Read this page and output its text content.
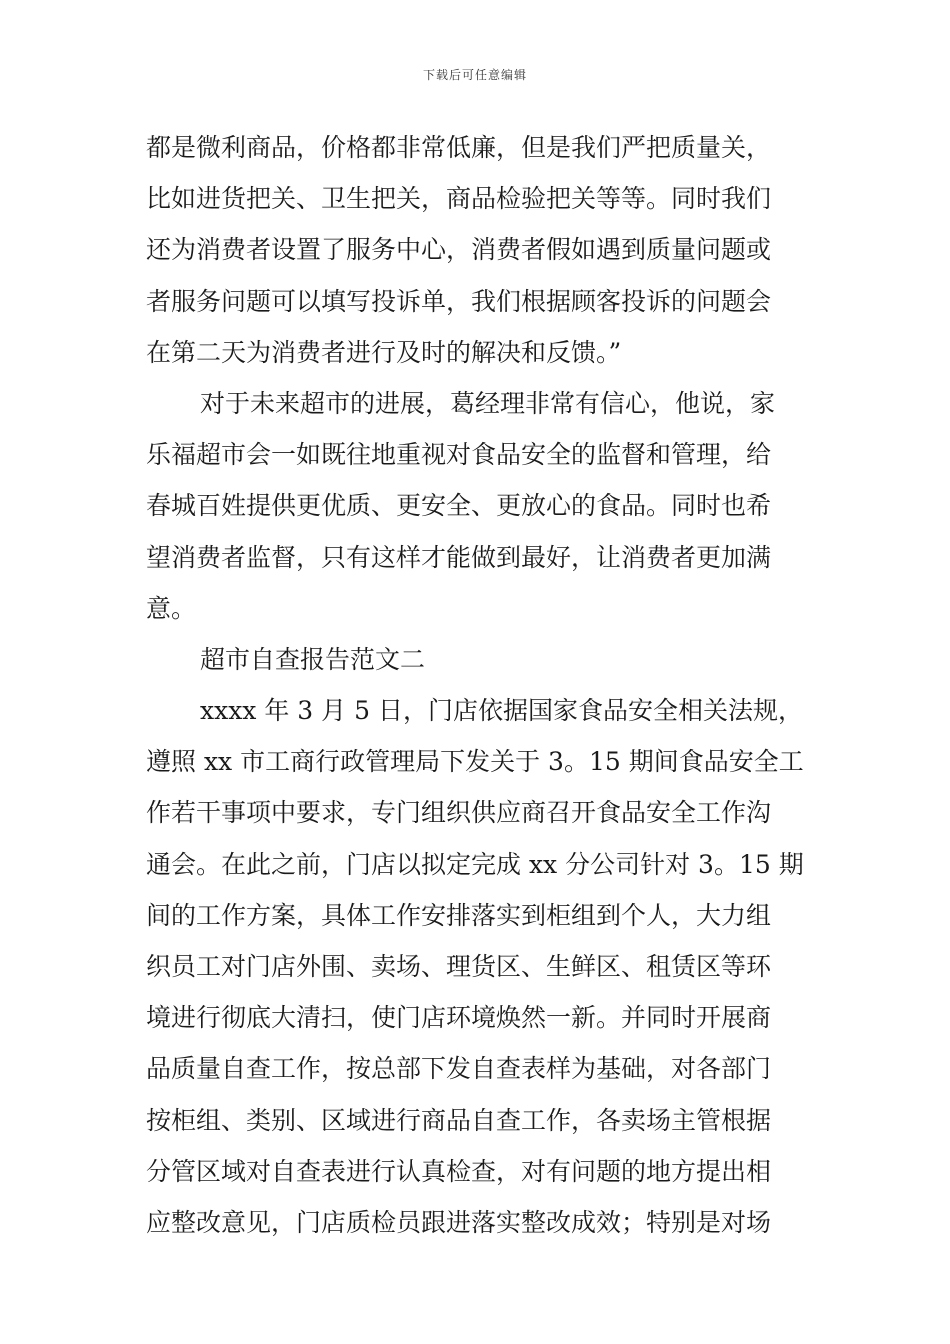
下载后可任意编辑
都是微利商品，价格都非常低廉，但是我们严把质量关，
比如进货把关、卫生把关，商品检验把关等等。同时我们
还为消费者设置了服务中心，消费者假如遇到质量问题或
者服务问题可以填写投诉单，我们根据顾客投诉的问题会
在第二天为消费者进行及时的解决和反馈。”
对于未来超市的进展，葛经理非常有信心，他说，家
乐福超市会一如既往地重视对食品安全的监督和管理，给
春城百姓提供更优质、更安全、更放心的食品。同时也希
望消费者监督，只有这样才能做到最好，让消费者更加满
意。
超市自查报告范文二
xxxx 年 3 月 5 日，门店依据国家食品安全相关法规，
遵照 xx 市工商行政管理局下发关于 3。15 期间食品安全工
作若干事项中要求，专门组织供应商召开食品安全工作沟
通会。在此之前，门店以拟定完成 xx 分公司针对 3。15 期
间的工作方案，具体工作安排落实到柜组到个人，大力组
织员工对门店外围、卖场、理货区、生鲜区、租赁区等环
境进行彻底大清扫，使门店环境焕然一新。并同时开展商
品质量自查工作，按总部下发自查表样为基础，对各部门
按柜组、类别、区域进行商品自查工作，各卖场主管根据
分管区域对自查表进行认真检查，对有问题的地方提出相
应整改意见，门店质检员跟进落实整改成效；特别是对场
